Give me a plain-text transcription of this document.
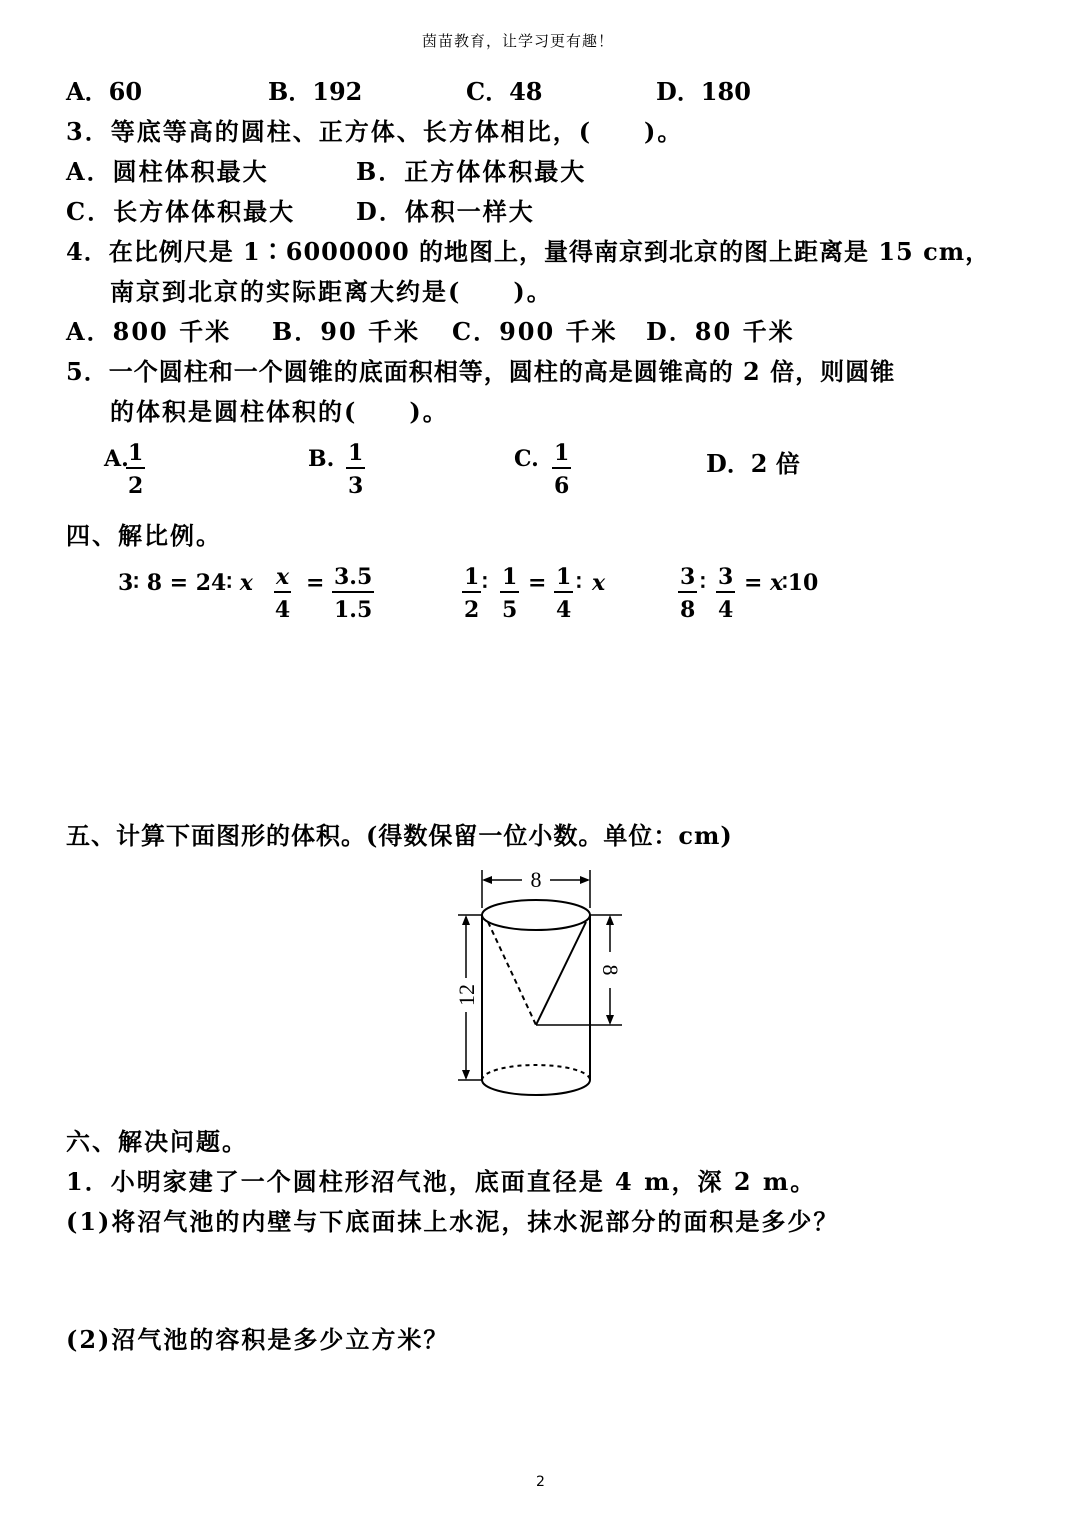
茵苗教育，让学习更有趣！
A．60	B．192	C．48	D．180
3．等底等高的圆柱、正方体、长方体相比，(　　)。
A．圆柱体积最大	B．正方体体积最大
C．长方体体积最大	D．体积一样大
4．在比例尺是 1∶6000000 的地图上，量得南京到北京的图上距离是 15 cm，
南京到北京的实际距离大约是(　　)。
A．800 千米 B．90 千米 C．900 千米 D．80 千米
5．一个圆柱和一个圆锥的底面积相等，圆柱的高是圆锥高的 2 倍，则圆锥
的体积是圆柱体积的(　　)。
A.
$\frac{1}{2}$	B. $\frac{1}{3}$	C. $\frac{1}{6}$	D．2 倍
四、解比例。
3∶ 8 = 24∶ x $\frac{x}{4} = \frac{3.5}{1.5}$	$\frac{1}{2}$ ∶ $\frac{1}{5} = \frac{1}{4}$ ∶ x	$\frac{3}{8}$ ∶ $\frac{3}{4} = x$
∶10
五、计算下面图形的体积。(得数保留一位小数。单位：cm)
8
12
8
六、解决问题。
1．小明家建了一个圆柱形沼气池，底面直径是 4 m，深 2 m。
(1)将沼气池的内壁与下底面抹上水泥，抹水泥部分的面积是多少？
(2)沼气池的容积是多少立方米？
2
